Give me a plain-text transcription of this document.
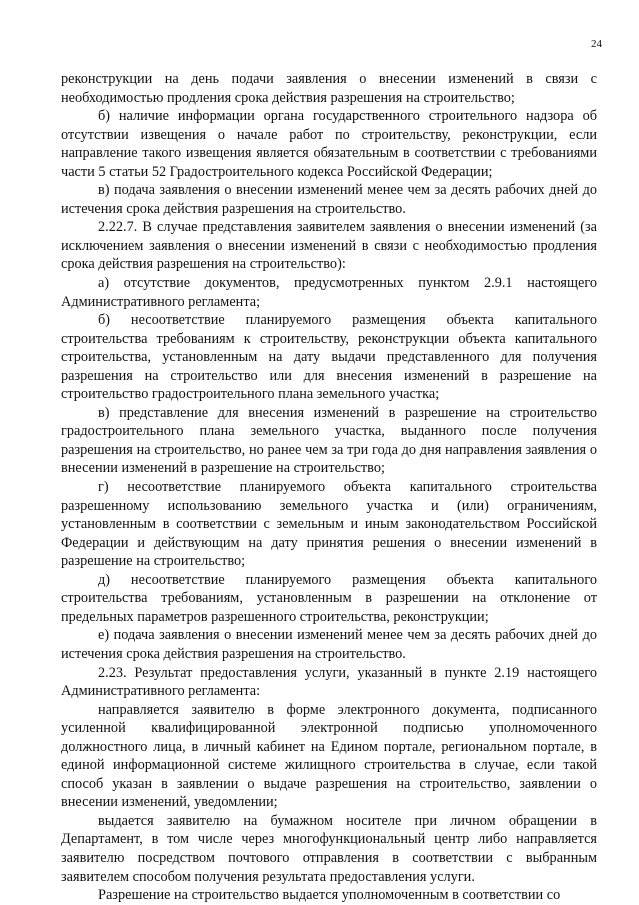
24

реконструкции на день подачи заявления о внесении изменений в связи с необходимостью продления срока действия разрешения на строительство;

б) наличие информации органа государственного строительного надзора об отсутствии извещения о начале работ по строительству, реконструкции, если направление такого извещения является обязательным в соответствии с требованиями части 5 статьи 52 Градостроительного кодекса Российской Федерации;

в) подача заявления о внесении изменений менее чем за десять рабочих дней до истечения срока действия разрешения на строительство.

2.22.7. В случае представления заявителем заявления о внесении изменений (за исключением заявления о внесении изменений в связи с необходимостью продления срока действия разрешения на строительство):

а) отсутствие документов, предусмотренных пунктом 2.9.1 настоящего Административного регламента;

б) несоответствие планируемого размещения объекта капитального строительства требованиям к строительству, реконструкции объекта капитального строительства, установленным на дату выдачи представленного для получения разрешения на строительство или для внесения изменений в разрешение на строительство градостроительного плана земельного участка;

в) представление для внесения изменений в разрешение на строительство градостроительного плана земельного участка, выданного после получения разрешения на строительство, но ранее чем за три года до дня направления заявления о внесении изменений в разрешение на строительство;

г) несоответствие планируемого объекта капитального строительства разрешенному использованию земельного участка и (или) ограничениям, установленным в соответствии с земельным и иным законодательством Российской Федерации и действующим на дату принятия решения о внесении изменений в разрешение на строительство;

д) несоответствие планируемого размещения объекта капитального строительства требованиям, установленным в разрешении на отклонение от предельных параметров разрешенного строительства, реконструкции;

е) подача заявления о внесении изменений менее чем за десять рабочих дней до истечения срока действия разрешения на строительство.

2.23. Результат предоставления услуги, указанный в пункте 2.19 настоящего Административного регламента:

направляется заявителю в форме электронного документа, подписанного усиленной квалифицированной электронной подписью уполномоченного должностного лица, в личный кабинет на Едином портале, региональном портале, в единой информационной системе жилищного строительства в случае, если такой способ указан в заявлении о выдаче разрешения на строительство, заявлении о внесении изменений, уведомлении;

выдается заявителю на бумажном носителе при личном обращении в Департамент, в том числе через многофункциональный центр либо направляется заявителю посредством почтового отправления в соответствии с выбранным заявителем способом получения результата предоставления услуги.

Разрешение на строительство выдается уполномоченным в соответствии со
